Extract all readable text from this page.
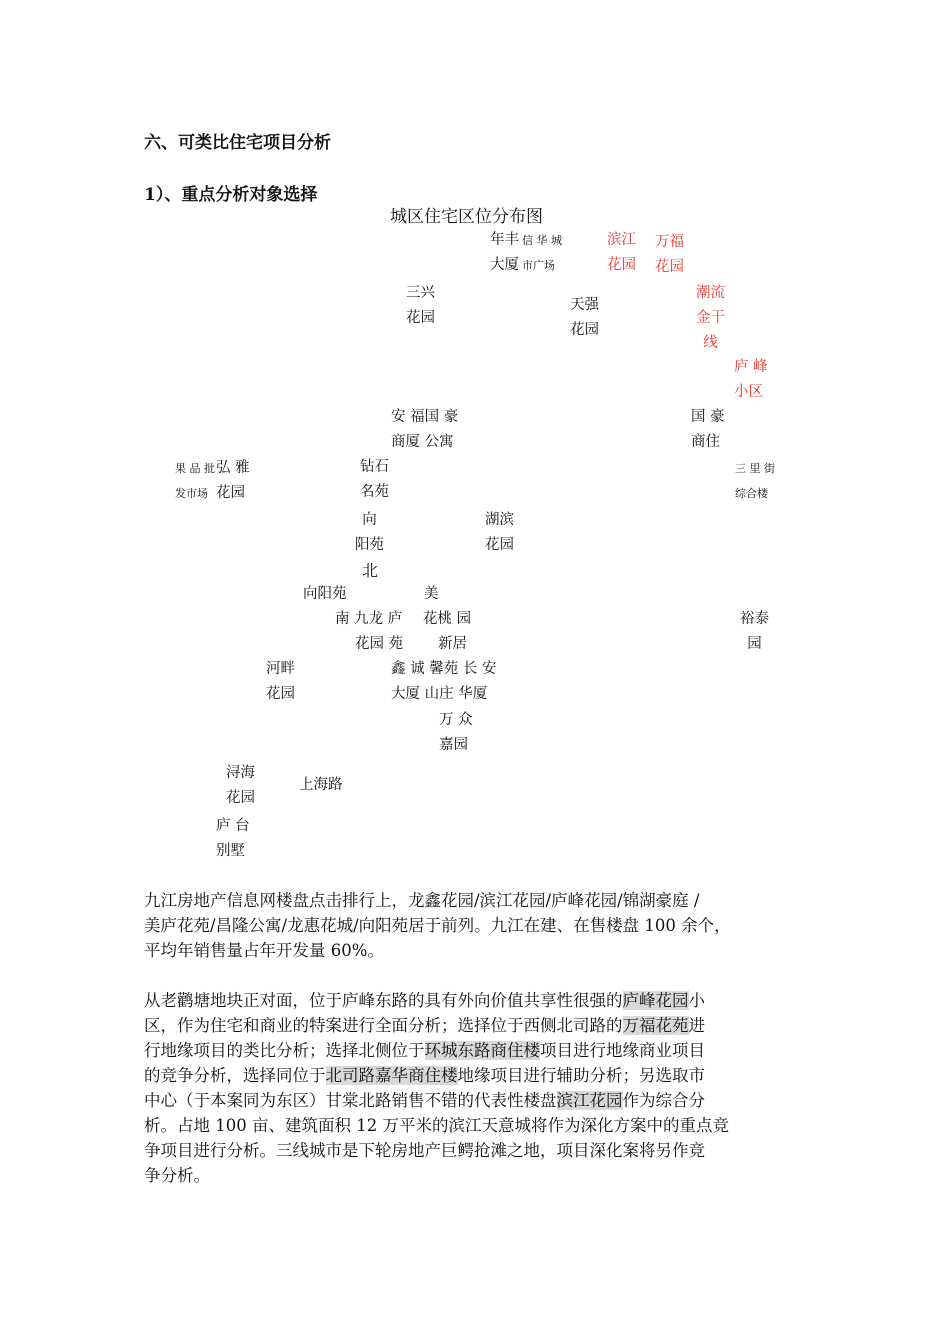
六、可类比住宅项目分析
1）、重点分析对象选择
城区住宅区位分布图
年丰
大厦
信 华 城
市广场
滨江
花园
万福
花园
三兴
花园
天强
花园
潮流
金干
线
庐 峰
小区
安 福国 豪
商厦 公寓
国 豪
商住
果 品 批
发市场
弘 雅
花园
钻石
名苑
三 里 街
综合楼
向
阳苑
北
湖滨
花园
向阳苑	美
南 九龙 庐
花园 苑
花桃 园
新居
裕泰
园
河畔
花园
鑫 诚 馨苑 长 安
大厦 山庄 华厦
万 众
嘉园
浔海
花园
上海路
庐 台
别墅
九江房地产信息网楼盘点击排行上，龙鑫花园/滨江花园/庐峰花园/锦湖豪庭 /
美庐花苑/昌隆公寓/龙惠花城/向阳苑居于前列。九江在建、在售楼盘 100 余个，
平均年销售量占年开发量 60%。
从老鹳塘地块正对面，位于庐峰东路的具有外向价值共享性很强的庐峰花园小
区，作为住宅和商业的特案进行全面分析；选择位于西侧北司路的万福花苑进
行地缘项目的类比分析；选择北侧位于环城东路商住楼项目进行地缘商业项目
的竞争分析，选择同位于北司路嘉华商住楼地缘项目进行辅助分析；另选取市
中心（于本案同为东区）甘棠北路销售不错的代表性楼盘滨江花园作为综合分
析。占地 100 亩、建筑面积 12 万平米的滨江天意城将作为深化方案中的重点竞
争项目进行分析。三线城市是下轮房地产巨鳄抢滩之地，项目深化案将另作竞
争分析。
